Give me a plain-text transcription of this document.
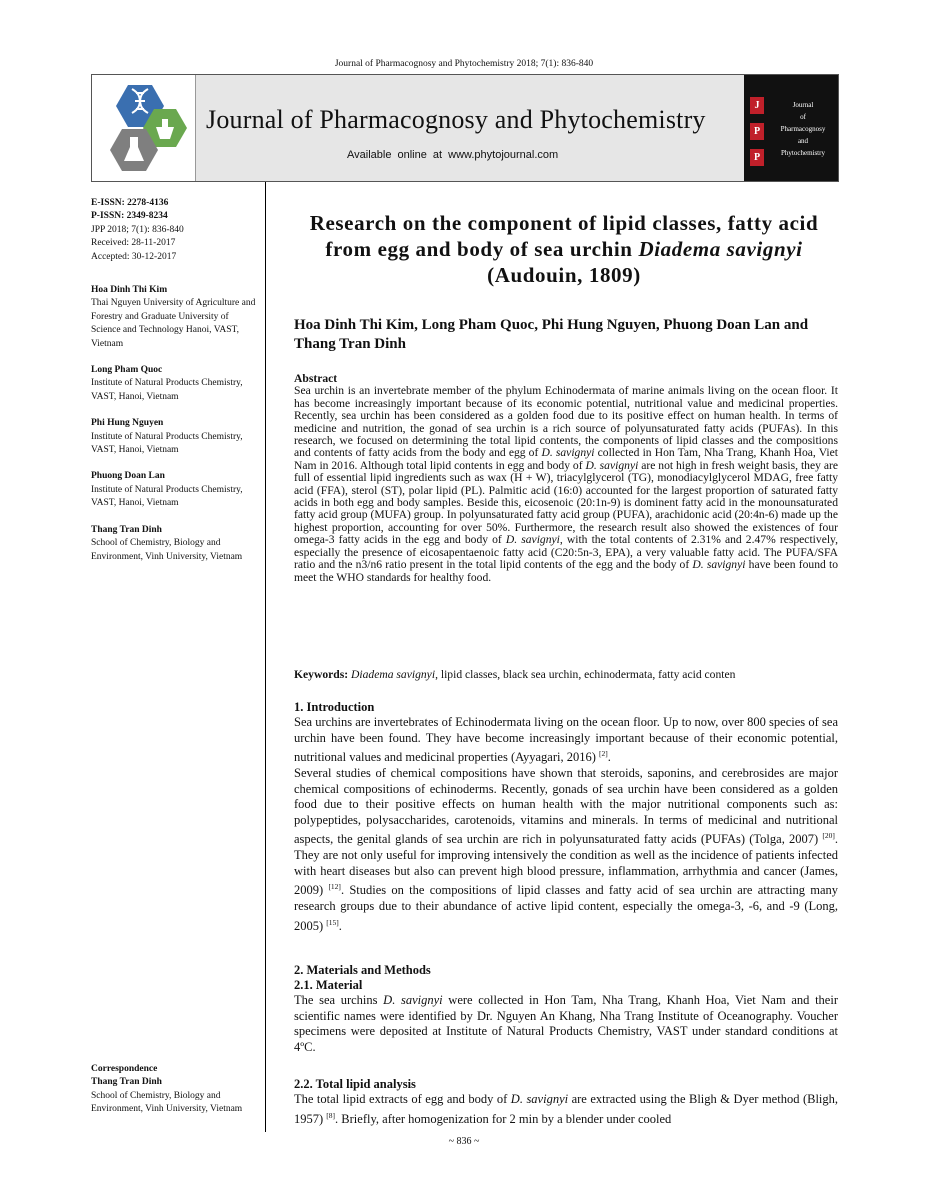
Journal of Pharmacognosy and Phytochemistry 2018; 7(1): 836-840
Journal of Pharmacognosy and Phytochemistry
Available online at www.phytojournal.com
J
P
P
Journal
of
Pharmacognosy
and
Phytochemistry
E-ISSN: 2278-4136
P-ISSN: 2349-8234
JPP 2018; 7(1): 836-840
Received: 28-11-2017
Accepted: 30-12-2017
Hoa Dinh Thi Kim
Thai Nguyen University of Agriculture and Forestry and Graduate University of Science and Technology Hanoi, VAST, Vietnam
Long Pham Quoc
Institute of Natural Products Chemistry, VAST, Hanoi, Vietnam
Phi Hung Nguyen
Institute of Natural Products Chemistry, VAST, Hanoi, Vietnam
Phuong Doan Lan
Institute of Natural Products Chemistry, VAST, Hanoi, Vietnam
Thang Tran Dinh
School of Chemistry, Biology and Environment, Vinh University, Vietnam
Correspondence
Thang Tran Dinh
School of Chemistry, Biology and Environment, Vinh University, Vietnam
Research on the component of lipid classes, fatty acid from egg and body of sea urchin Diadema savignyi (Audouin, 1809)
Hoa Dinh Thi Kim, Long Pham Quoc, Phi Hung Nguyen, Phuong Doan Lan and Thang Tran Dinh
Abstract
Sea urchin is an invertebrate member of the phylum Echinodermata of marine animals living on the ocean floor. It has become increasingly important because of its economic potential, nutritional value and medicinal properties. Recently, sea urchin has been considered as a golden food due to its positive effect on human health. In terms of medicine and nutrition, the gonad of sea urchin is a rich source of polyunsaturated fatty acids (PUFAs). In this research, we focused on determining the total lipid contents, the components of lipid classes and the compositions and contents of fatty acids from the body and egg of D. savignyi collected in Hon Tam, Nha Trang, Khanh Hoa, Viet Nam in 2016. Although total lipid contents in egg and body of D. savignyi are not high in fresh weight basis, they are full of essential lipid ingredients such as wax (H + W), triacylglycerol (TG), monodiacylglycerol MDAG, free fatty acid (FFA), sterol (ST), polar lipid (PL). Palmitic acid (16:0) accounted for the largest proportion of saturated fatty acids in both egg and body samples. Beside this, eicosenoic (20:1n-9) is dominent fatty acid in the monounsaturated fatty acid group (MUFA) group. In polyunsaturated fatty acid group (PUFA), arachidonic acid (20:4n-6) made up the highest proportion, accounting for over 50%. Furthermore, the research result also showed the existences of four omega-3 fatty acids in the egg and body of D. savignyi, with the total contents of 2.31% and 2.47% respectively, especially the presence of eicosapentaenoic fatty acid (C20:5n-3, EPA), a very valuable fatty acid. The PUFA/SFA ratio and the n3/n6 ratio present in the total lipid contents of the egg and the body of D. savignyi have been found to meet the WHO standards for healthy food.
Keywords: Diadema savignyi, lipid classes, black sea urchin, echinodermata, fatty acid conten
1. Introduction
Sea urchins are invertebrates of Echinodermata living on the ocean floor. Up to now, over 800 species of sea urchin have been found. They have become increasingly important because of their economic potential, nutritional values and medicinal properties (Ayyagari, 2016) [2].
Several studies of chemical compositions have shown that steroids, saponins, and cerebrosides are major chemical compositions of echinoderms. Recently, gonads of sea urchin have been considered as a golden food due to their positive effects on human health with the major nutritional components such as: polypeptides, polysaccharides, carotenoids, vitamins and minerals. In terms of medicinal and nutritional aspects, the genital glands of sea urchin are rich in polyunsaturated fatty acids (PUFAs) (Tolga, 2007) [20]. They are not only useful for improving intensively the condition as well as the incidence of patients infected with heart diseases but also can prevent high blood pressure, inflammation, arrhythmia and cancer (James, 2009) [12]. Studies on the compositions of lipid classes and fatty acid of sea urchin are attracting many research groups due to their abundance of active lipid content, especially the omega-3, -6, and -9 (Long, 2005) [15].
2. Materials and Methods
2.1. Material
The sea urchins D. savignyi were collected in Hon Tam, Nha Trang, Khanh Hoa, Viet Nam and their scientific names were identified by Dr. Nguyen An Khang, Nha Trang Institute of Oceanography. Voucher specimens were deposited at Institute of Natural Products Chemistry, VAST under standard conditions at 4ºC.
2.2. Total lipid analysis
The total lipid extracts of egg and body of D. savignyi are extracted using the Bligh & Dyer method (Bligh, 1957) [8]. Briefly, after homogenization for 2 min by a blender under cooled
~ 836 ~
